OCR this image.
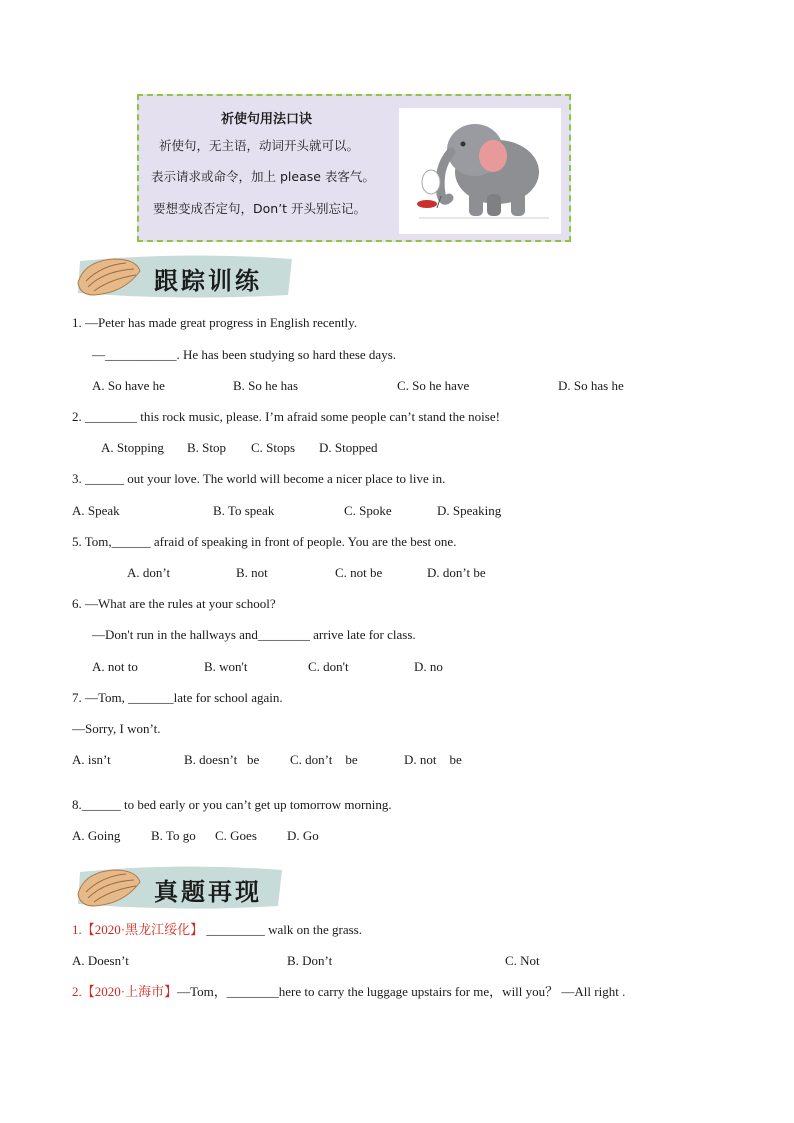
祈使句用法口诀
祈使句，无主语，动词开头就可以。
表示请求或命令，加上 please 表客气。
要想变成否定句，Don’t 开头别忘记。
跟踪训练
1. —Peter has made great progress in English recently.
—___________. He has been studying so hard these days.
A. So have he	B. So he has	C. So he have	D. So has he
2. ________ this rock music, please. I’m afraid some people can’t stand the noise!
A. Stopping B. Stop C. Stops D. Stopped
3. ______ out your love. The world will become a nicer place to live in.
A. Speak	B. To speak	C. Spoke	D. Speaking
5. Tom,______ afraid of speaking in front of people. You are the best one.
A. don’t	B. not	C. not be	D. don’t be
6. —What are the rules at your school?
—Don't run in the hallways and________ arrive late for class.
A. not to	B. won't	C. don't	D. no
7. —Tom, _______late for school again.
—Sorry, I won’t.
A. isn’t	B. doesn’t   be C. don’t    be	D. not    be
8.______ to bed early or you can’t get up tomorrow morning.
A. Going B. To go C. Goes D. Go
真题再现
1.【2020·黑龙江绥化】 _________ walk on the grass.
A. Doesn’t	B. Don’t	C. Not
2.【2020·上海市】—Tom，________here to carry the luggage upstairs for me，will you？ —All right .
